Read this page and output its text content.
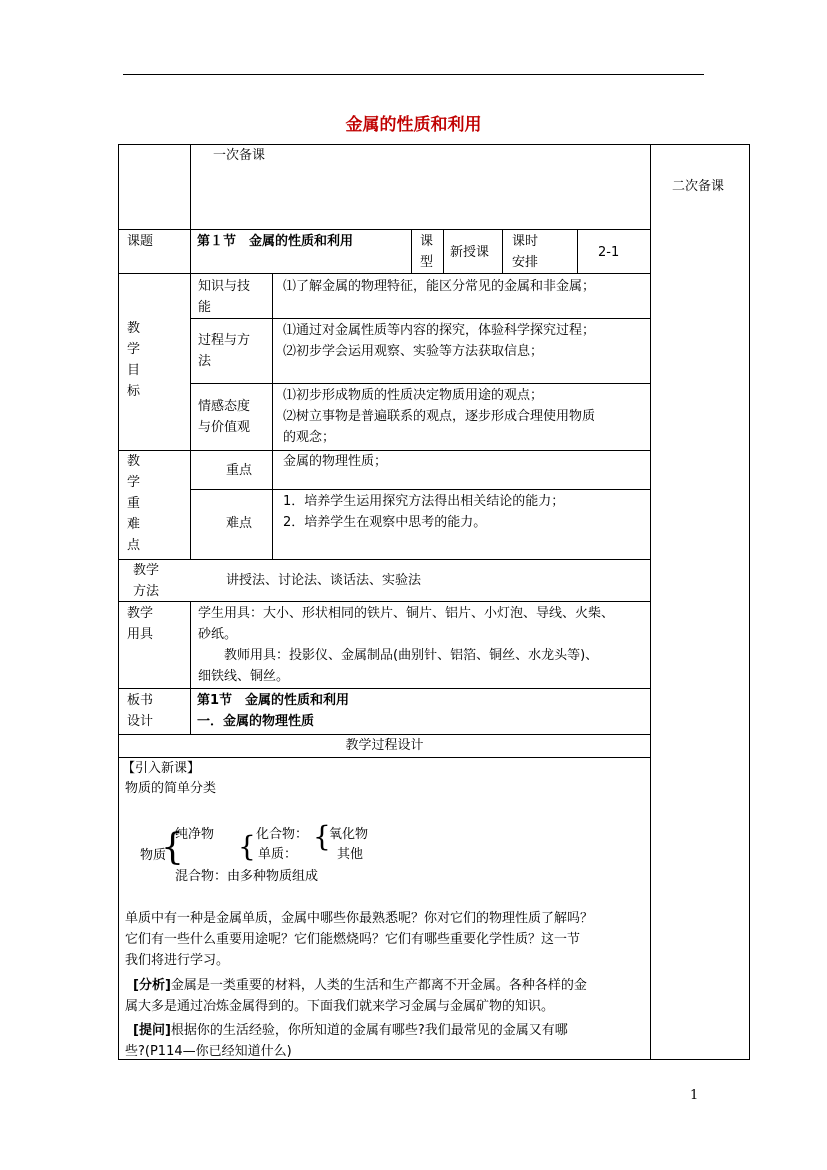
金属的性质和利用
一次备课
二次备课
课题	第１节　金属的性质和利用	课
型
新授课
课时
安排
2-1
教
学
目
标
知识与技
能
⑴了解金属的物理特征，能区分常见的金属和非金属；
过程与方
法
⑴通过对金属性质等内容的探究，体验科学探究过程；
⑵初步学会运用观察、实验等方法获取信息；
情感态度
与价值观
⑴初步形成物质的性质决定物质用途的观点；
⑵树立事物是普遍联系的观点，逐步形成合理使用物质
的观念；
教
学
重
难
点
重点
金属的物理性质；
难点
1．培养学生运用探究方法得出相关结论的能力；
2．培养学生在观察中思考的能力。
教学
方法
讲授法、讨论法、谈话法、实验法
教学
用具
学生用具：大小、形状相同的铁片、铜片、铝片、小灯泡、导线、火柴、
砂纸。
教师用具：投影仪、金属制品(曲别针、铝箔、铜丝、水龙头等)、
细铁线、铜丝。
板书
设计
第1节　金属的性质和利用
一．金属的物理性质
教学过程设计
【引入新课】
物质的简单分类
物质
{
纯净物 { 化合物：
单质：
{
氧化物
其他
混合物：由多种物质组成
单质中有一种是金属单质，金属中哪些你最熟悉呢？你对它们的物理性质了解吗？
它们有一些什么重要用途呢？它们能燃烧吗？它们有哪些重要化学性质？这一节
我们将进行学习。
[分析]金属是一类重要的材料，人类的生活和生产都离不开金属。各种各样的金
属大多是通过冶炼金属得到的。下面我们就来学习金属与金属矿物的知识。
[提问]根据你的生活经验，你所知道的金属有哪些?我们最常见的金属又有哪
些?(P114—你已经知道什么)
1
